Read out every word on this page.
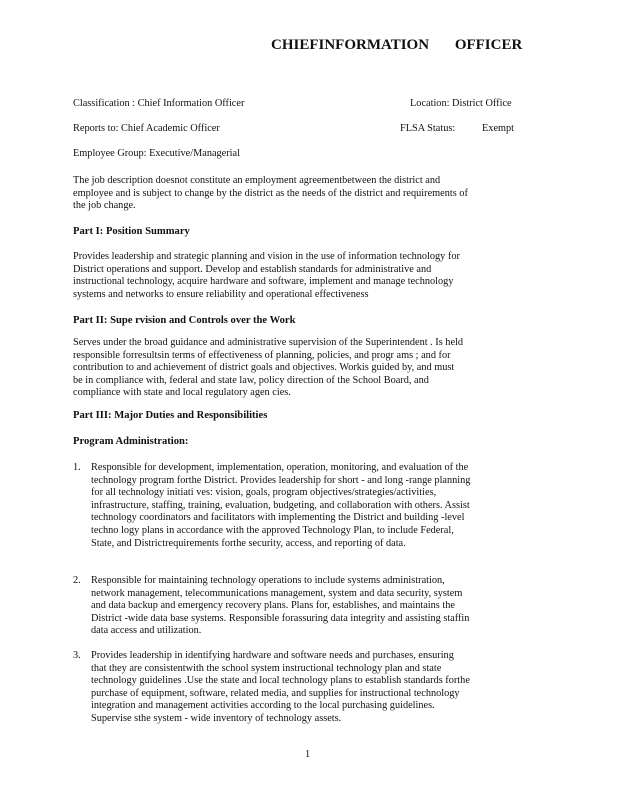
CHIEFINFORMATION OFFICER
Classification : Chief Information Officer	Location: District Office
Reports to: Chief Academic Officer	FLSA Status:	Exempt
Employee Group: Executive/Managerial
The job description doesnot constitute an employment agreementbetween the district and
employee and is subject to change by the district as the needs of the district and requirements of
the job change.
Part I: Position Summary
Provides leadership and strategic planning and vision in the use of information technology for
District operations and support. Develop and establish standards for administrative and
instructional technology, acquire hardware and software, implement and manage technology
systems and networks to ensure reliability and operational effectiveness
Part II: Supe rvision and Controls over the Work
Serves under the broad guidance and administrative supervision of the Superintendent . Is held
responsible forresultsin terms of effectiveness of planning, policies, and progr ams ; and for
contribution to and achievement of district goals and objectives. Workis guided by, and must
be in compliance with, federal and state law, policy direction of the School Board, and
compliance with state and local regulatory agen cies.
Part III: Major Duties and Responsibilities
Program Administration:
1. Responsible for development, implementation, operation, monitoring, and evaluation of the
technology program forthe District. Provides leadership for short - and long -range planning
for all technology initiati ves: vision, goals, program objectives/strategies/activities,
infrastructure, staffing, training, evaluation, budgeting, and collaboration with others. Assist
technology coordinators and facilitators with implementing the District and building -level
techno logy plans in accordance with the approved Technology Plan, to include Federal,
State, and Districtrequirements forthe security, access, and reporting of data.
2. Responsible for maintaining technology operations to include systems administration,
network management, telecommunications management, system and data security, system
and data backup and emergency recovery plans. Plans for, establishes, and maintains the
District -wide data base systems. Responsible forassuring data integrity and assisting staffin
data access and utilization.
3. Provides leadership in identifying hardware and software needs and purchases, ensuring
that they are consistentwith the school system instructional technology plan and state
technology guidelines .Use the state and local technology plans to establish standards forthe
purchase of equipment, software, related media, and supplies for instructional technology
integration and management activities according to the local purchasing guidelines.
Supervise sthe system - wide inventory of technology assets.
1
